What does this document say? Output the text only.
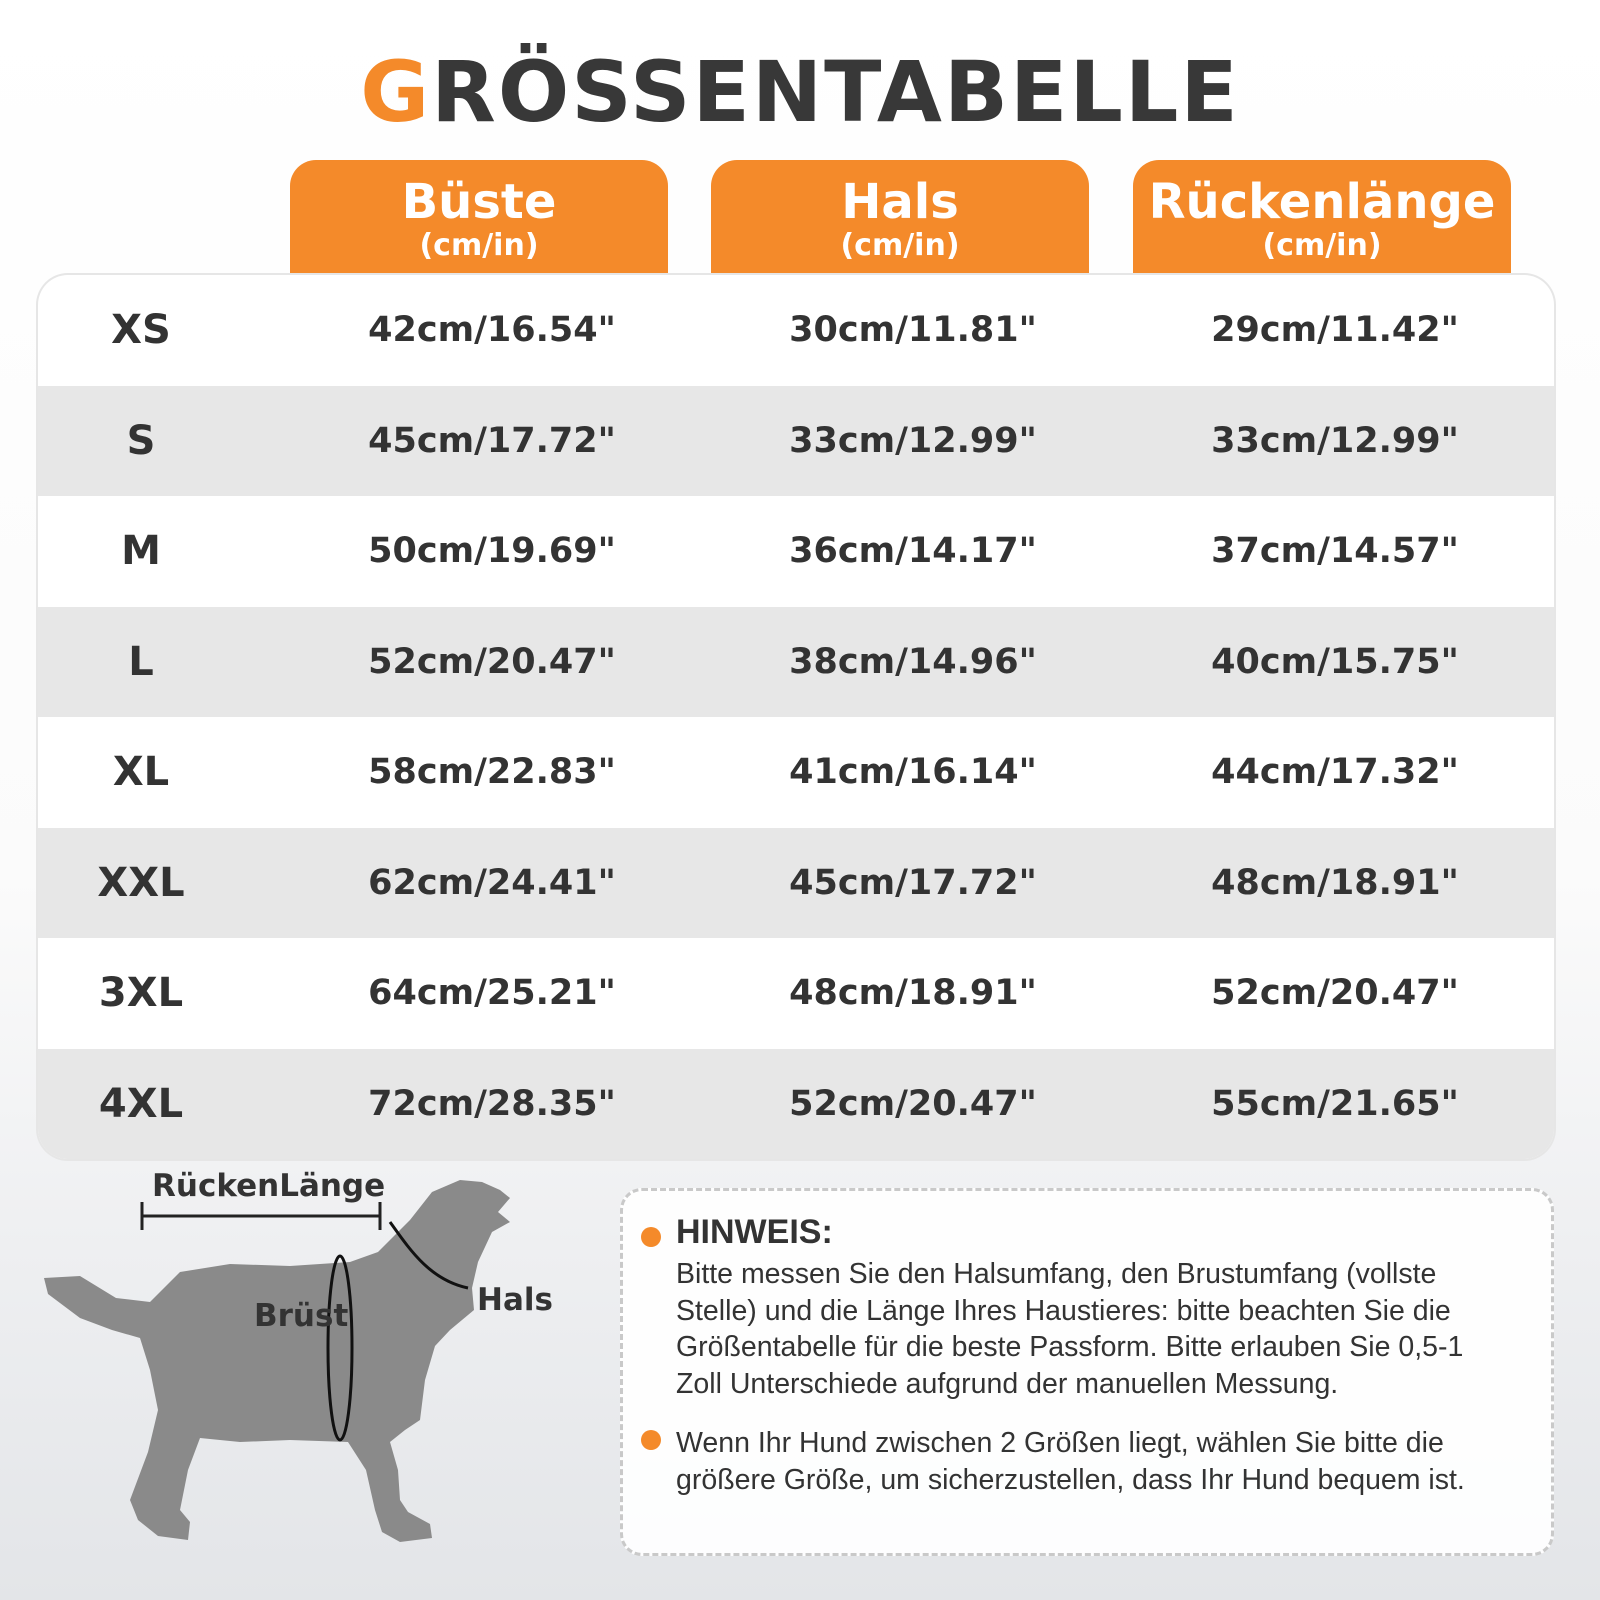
GRÖSSENTABELLE
Büste
(cm/in)
Hals
(cm/in)
Rückenlänge
(cm/in)
XS	42cm/16.54"	30cm/11.81"	29cm/11.42"
S	45cm/17.72"	33cm/12.99"	33cm/12.99"
M	50cm/19.69"	36cm/14.17"	37cm/14.57"
L	52cm/20.47"	38cm/14.96"	40cm/15.75"
XL	58cm/22.83"	41cm/16.14"	44cm/17.32"
XXL	62cm/24.41"	45cm/17.72"	48cm/18.91"
3XL	64cm/25.21"	48cm/18.91"	52cm/20.47"
4XL	72cm/28.35"	52cm/20.47"	55cm/21.65"
RückenLänge
Brüst	Hals
HINWEIS:
Bitte messen Sie den Halsumfang, den Brustumfang (vollste
Stelle) und die Länge Ihres Haustieres: bitte beachten Sie die
Größentabelle für die beste Passform. Bitte erlauben Sie 0,5-1
Zoll Unterschiede aufgrund der manuellen Messung.
Wenn Ihr Hund zwischen 2 Größen liegt, wählen Sie bitte die
größere Größe, um sicherzustellen, dass Ihr Hund bequem ist.
